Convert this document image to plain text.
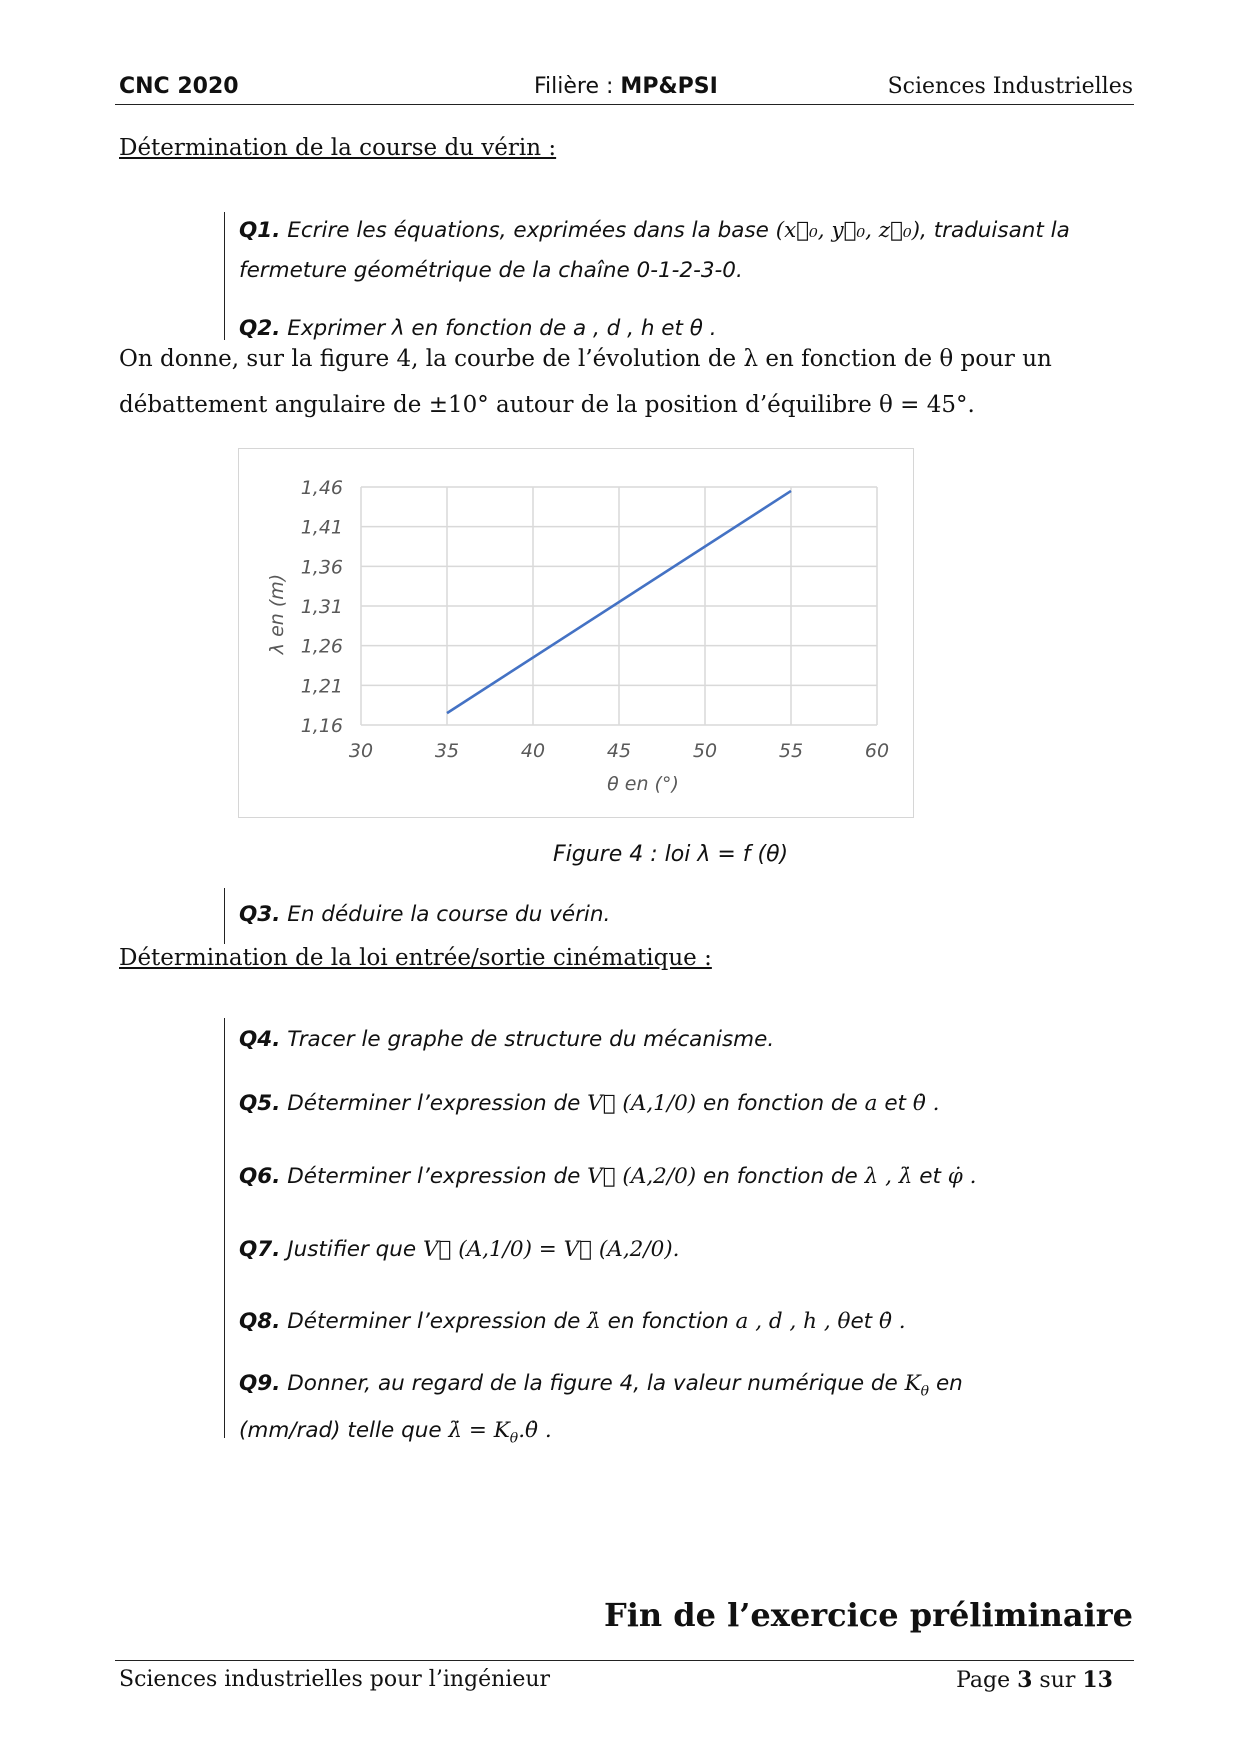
CNC 2020	Filière : MP&PSI	Sciences Industrielles
Détermination de la course du vérin :
Q1. Ecrire les équations, exprimées dans la base (x⃗₀, y⃗₀, z⃗₀), traduisant la
fermeture géométrique de la chaîne 0-1-2-3-0.
Q2. Exprimer λ en fonction de a , d , h et θ .
On donne, sur la figure 4, la courbe de l’évolution de λ en fonction de θ pour un
débattement angulaire de ±10° autour de la position d’équilibre θ = 45°.
1,46
1,41
1,36
1,31
1,26
1,21
1,16
30	35	40	45	50	55	60
θ en (°)
λ en (m)
Figure 4 : loi λ = f (θ)
Q3. En déduire la course du vérin.
Détermination de la loi entrée/sortie cinématique :
Q4. Tracer le graphe de structure du mécanisme.
Q5. Déterminer l’expression de V⃗ (A,1/0) en fonction de a et θ̇ .
Q6. Déterminer l’expression de V⃗ (A,2/0) en fonction de λ , λ̇ et φ̇ .
Q7. Justifier que V⃗ (A,1/0) = V⃗ (A,2/0).
Q8. Déterminer l’expression de λ̇ en fonction a , d , h , θet θ̇ .
Q9. Donner, au regard de la figure 4, la valeur numérique de $K_\theta$ en
(mm/rad) telle que λ̇ = $K_\theta.\thetȧ$ .
Fin de l’exercice préliminaire
Sciences industrielles pour l’ingénieur	Page 3 sur 13
